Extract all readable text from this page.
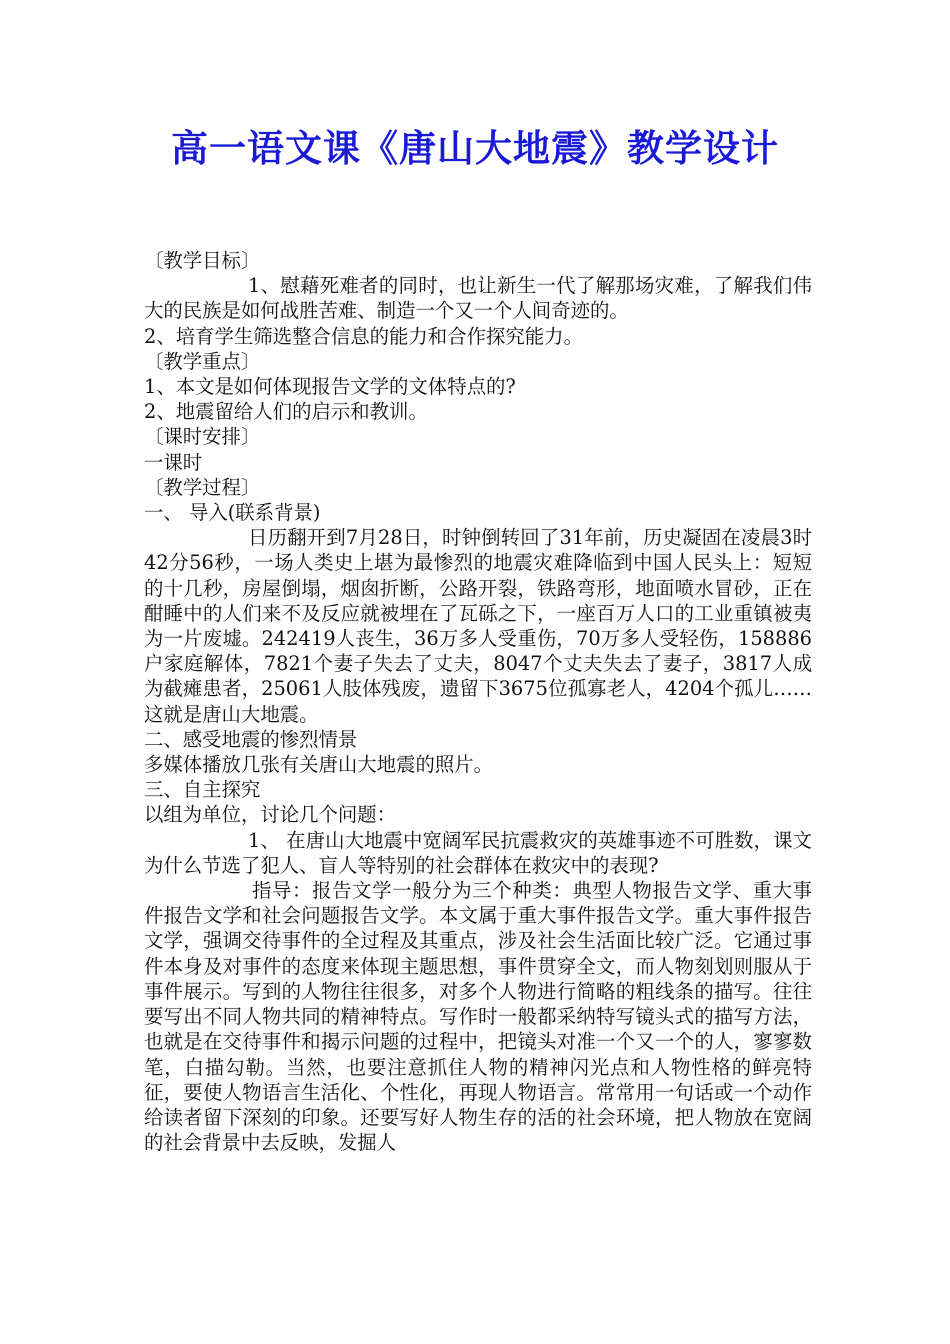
高一语文课《唐山大地震》教学设计

〔教学目标〕

1、慰藉死难者的同时，也让新生一代了解那场灾难，了解我们伟大的民族是如何战胜苦难、制造一个又一个人间奇迹的。

2、培育学生筛选整合信息的能力和合作探究能力。

〔教学重点〕

1、本文是如何体现报告文学的文体特点的?

2、地震留给人们的启示和教训。

〔课时安排〕

一课时

〔教学过程〕

一、 导入(联系背景)

日历翻开到7月28日，时钟倒转回了31年前，历史凝固在凌晨3时42分56秒，一场人类史上堪为最惨烈的地震灾难降临到中国人民头上：短短的十几秒，房屋倒塌，烟囱折断，公路开裂，铁路弯形，地面喷水冒砂，正在酣睡中的人们来不及反应就被埋在了瓦砾之下，一座百万人口的工业重镇被夷为一片废墟。242419人丧生，36万多人受重伤，70万多人受轻伤，158886户家庭解体，7821个妻子失去了丈夫，8047个丈夫失去了妻子，3817人成为截瘫患者，25061人肢体残废，遗留下3675位孤寡老人，4204个孤儿……这就是唐山大地震。

二、感受地震的惨烈情景

多媒体播放几张有关唐山大地震的照片。

三、自主探究

以组为单位，讨论几个问题：

1、 在唐山大地震中宽阔军民抗震救灾的英雄事迹不可胜数，课文为什么节选了犯人、盲人等特别的社会群体在救灾中的表现?

指导：报告文学一般分为三个种类：典型人物报告文学、重大事件报告文学和社会问题报告文学。本文属于重大事件报告文学。重大事件报告文学，强调交待事件的全过程及其重点，涉及社会生活面比较广泛。它通过事件本身及对事件的态度来体现主题思想，事件贯穿全文，而人物刻划则服从于事件展示。写到的人物往往很多，对多个人物进行简略的粗线条的描写。往往要写出不同人物共同的精神特点。写作时一般都采纳特写镜头式的描写方法，也就是在交待事件和揭示问题的过程中，把镜头对准一个又一个的人，寥寥数笔，白描勾勒。当然，也要注意抓住人物的精神闪光点和人物性格的鲜亮特征，要使人物语言生活化、个性化，再现人物语言。常常用一句话或一个动作给读者留下深刻的印象。还要写好人物生存的活的社会环境，把人物放在宽阔的社会背景中去反映，发掘人
